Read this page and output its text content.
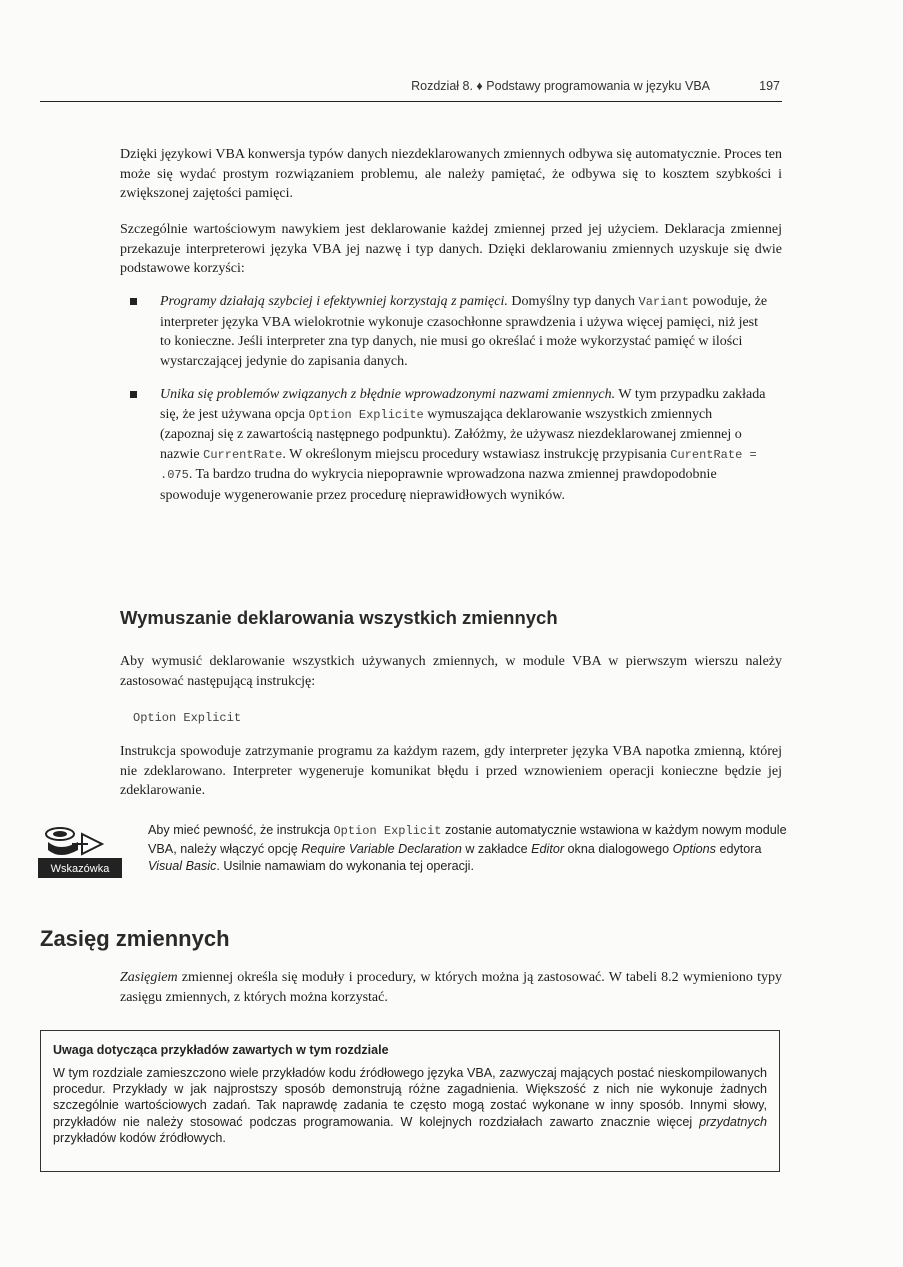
Rozdział 8. ♦ Podstawy programowania w języku VBA	197

Dzięki językowi VBA konwersja typów danych niezdeklarowanych zmiennych odbywa się automatycznie. Proces ten może się wydać prostym rozwiązaniem problemu, ale należy pamiętać, że odbywa się to kosztem szybkości i zwiększonej zajętości pamięci.

Szczególnie wartościowym nawykiem jest deklarowanie każdej zmiennej przed jej użyciem. Deklaracja zmiennej przekazuje interpreterowi języka VBA jej nazwę i typ danych. Dzięki deklarowaniu zmiennych uzyskuje się dwie podstawowe korzyści:

Programy działają szybciej i efektywniej korzystają z pamięci. Domyślny typ danych Variant powoduje, że interpreter języka VBA wielokrotnie wykonuje czasochłonne sprawdzenia i używa więcej pamięci, niż jest to konieczne. Jeśli interpreter zna typ danych, nie musi go określać i może wykorzystać pamięć w ilości wystarczającej jedynie do zapisania danych.
Unika się problemów związanych z błędnie wprowadzonymi nazwami zmiennych. W tym przypadku zakłada się, że jest używana opcja Option Explicite wymuszająca deklarowanie wszystkich zmiennych (zapoznaj się z zawartością następnego podpunktu). Załóżmy, że używasz niezdeklarowanej zmiennej o nazwie CurrentRate. W określonym miejscu procedury wstawiasz instrukcję przypisania CurentRate = .075. Ta bardzo trudna do wykrycia niepoprawnie wprowadzona nazwa zmiennej prawdopodobnie spowoduje wygenerowanie przez procedurę nieprawidłowych wyników.
Wymuszanie deklarowania wszystkich zmiennych

Aby wymusić deklarowanie wszystkich używanych zmiennych, w module VBA w pierwszym wierszu należy zastosować następującą instrukcję:

Option Explicit

Instrukcja spowoduje zatrzymanie programu za każdym razem, gdy interpreter języka VBA napotka zmienną, której nie zdeklarowano. Interpreter wygeneruje komunikat błędu i przed wznowieniem operacji konieczne będzie jej zdeklarowanie.

Wskazówka

Aby mieć pewność, że instrukcja Option Explicit zostanie automatycznie wstawiona w każdym nowym module VBA, należy włączyć opcję Require Variable Declaration w zakładce Editor okna dialogowego Options edytora Visual Basic. Usilnie namawiam do wykonania tej operacji.

Zasięg zmiennych

Zasięgiem zmiennej określa się moduły i procedury, w których można ją zastosować. W tabeli 8.2 wymieniono typy zasięgu zmiennych, z których można korzystać.

Uwaga dotycząca przykładów zawartych w tym rozdziale

W tym rozdziale zamieszczono wiele przykładów kodu źródłowego języka VBA, zazwyczaj mających postać nieskompilowanych procedur. Przykłady w jak najprostszy sposób demonstrują różne zagadnienia. Większość z nich nie wykonuje żadnych szczególnie wartościowych zadań. Tak naprawdę zadania te często mogą zostać wykonane w inny sposób. Innymi słowy, przykładów nie należy stosować podczas programowania. W kolejnych rozdziałach zawarto znacznie więcej przydatnych przykładów kodów źródłowych.
